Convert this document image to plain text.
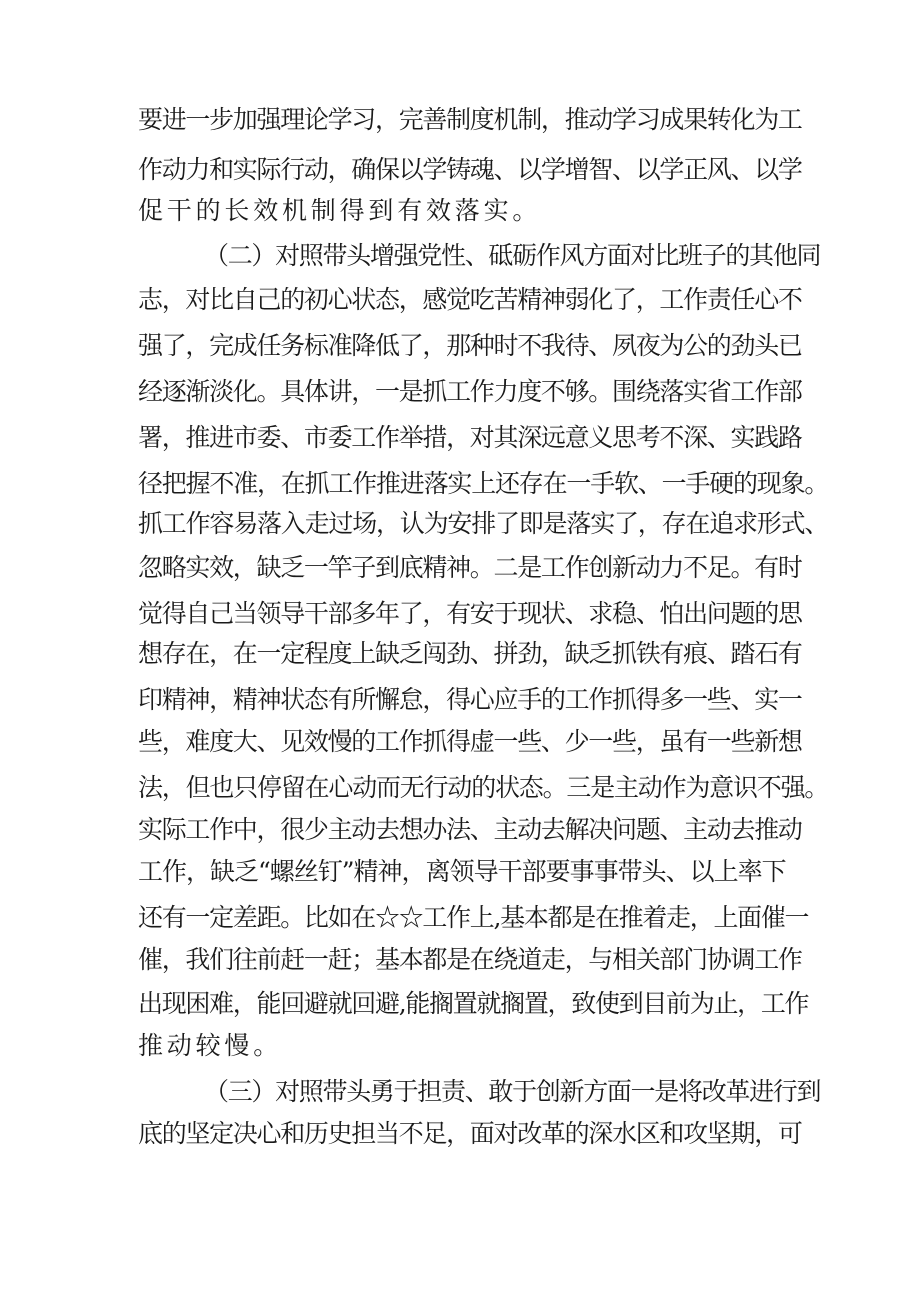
要进一步加强理论学习，完善制度机制，推动学习成果转化为工

作动力和实际行动，确保以学铸魂、以学增智、以学正风、以学

促干的长效机制得到有效落实。

（二）对照带头增强党性、砥砺作风方面对比班子的其他同

志，对比自己的初心状态，感觉吃苦精神弱化了，工作责任心不

强了，完成任务标准降低了，那种时不我待、夙夜为公的劲头已

经逐渐淡化。具体讲，一是抓工作力度不够。围绕落实省工作部

署，推进市委、市委工作举措，对其深远意义思考不深、实践路

径把握不准，在抓工作推进落实上还存在一手软、一手硬的现象。

抓工作容易落入走过场，认为安排了即是落实了，存在追求形式、

忽略实效，缺乏一竿子到底精神。二是工作创新动力不足。有时

觉得自己当领导干部多年了，有安于现状、求稳、怕出问题的思

想存在，在一定程度上缺乏闯劲、拼劲，缺乏抓铁有痕、踏石有

印精神，精神状态有所懈怠，得心应手的工作抓得多一些、实一

些，难度大、见效慢的工作抓得虚一些、少一些，虽有一些新想

法，但也只停留在心动而无行动的状态。三是主动作为意识不强。

实际工作中，很少主动去想办法、主动去解决问题、主动去推动

工作，缺乏“螺丝钉”精神，离领导干部要事事带头、以上率下

还有一定差距。比如在☆☆工作上,基本都是在推着走，上面催一

催，我们往前赶一赶；基本都是在绕道走，与相关部门协调工作

出现困难，能回避就回避,能搁置就搁置，致使到目前为止，工作

推动较慢。

（三）对照带头勇于担责、敢于创新方面一是将改革进行到

底的坚定决心和历史担当不足，面对改革的深水区和攻坚期，可
